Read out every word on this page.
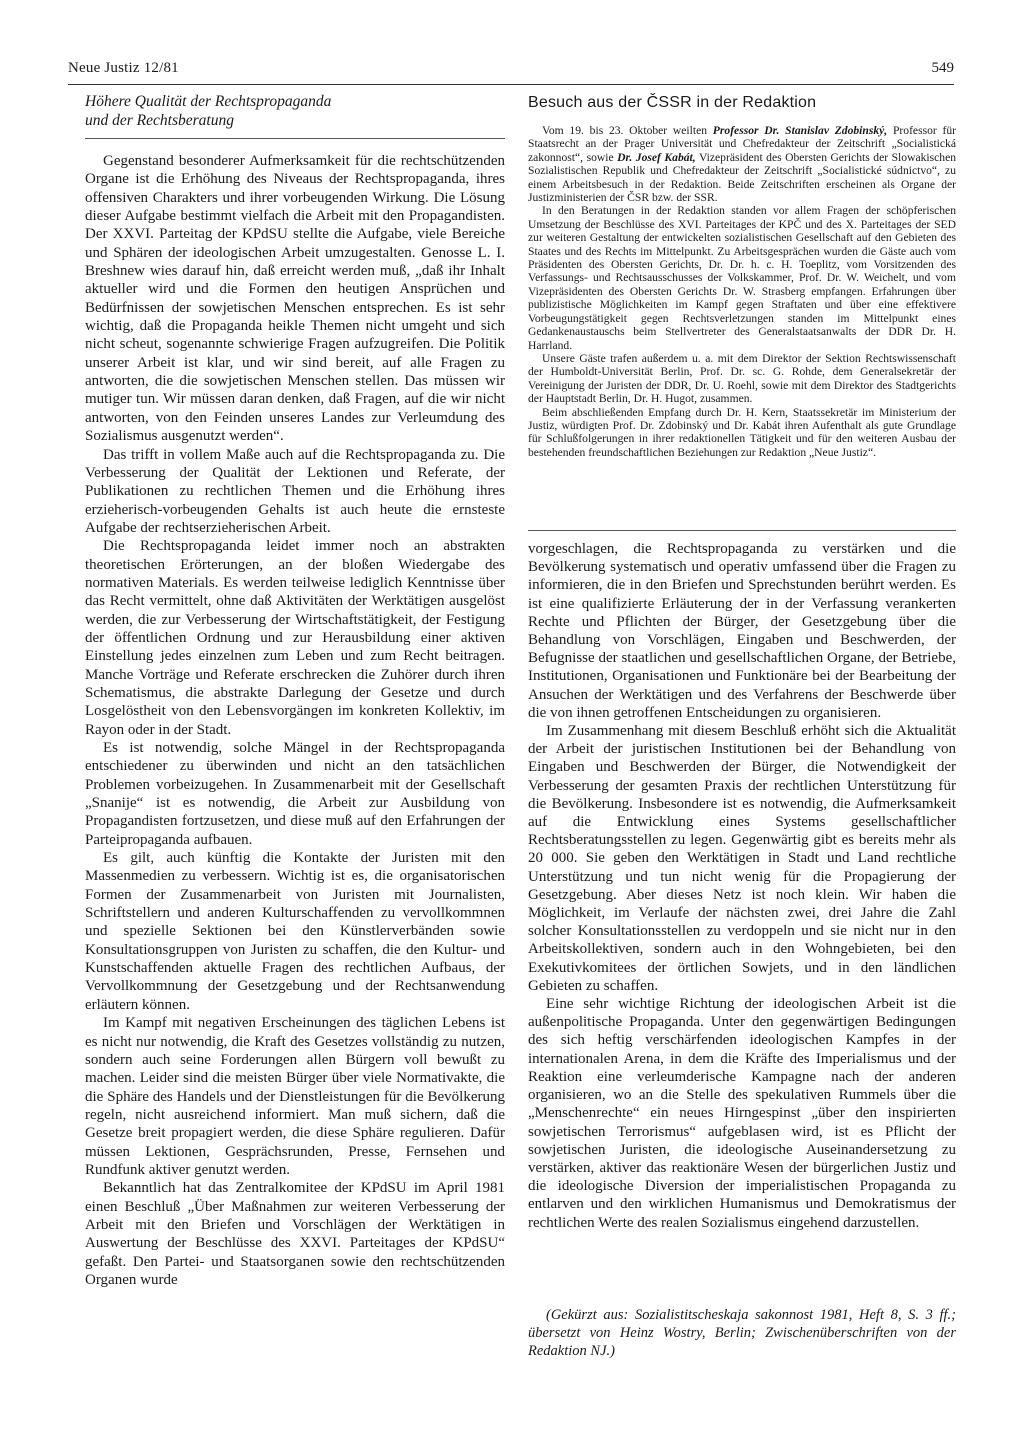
Neue Justiz 12/81	549
Höhere Qualität der Rechtspropaganda
und der Rechtsberatung

Gegenstand besonderer Aufmerksamkeit für die rechtschützenden Organe ist die Erhöhung des Niveaus der Rechtspropaganda, ihres offensiven Charakters und ihrer vorbeugenden Wirkung. Die Lösung dieser Aufgabe bestimmt vielfach die Arbeit mit den Propagandisten. Der XXVI. Parteitag der KPdSU stellte die Aufgabe, viele Bereiche und Sphären der ideologischen Arbeit umzugestalten. Genosse L. I. Breshnew wies darauf hin, daß erreicht werden muß, „daß ihr Inhalt aktueller wird und die Formen den heutigen Ansprüchen und Bedürfnissen der sowjetischen Menschen entsprechen. Es ist sehr wichtig, daß die Propaganda heikle Themen nicht umgeht und sich nicht scheut, sogenannte schwierige Fragen aufzugreifen. Die Politik unserer Arbeit ist klar, und wir sind bereit, auf alle Fragen zu antworten, die die sowjetischen Menschen stellen. Das müssen wir mutiger tun. Wir müssen daran denken, daß Fragen, auf die wir nicht antworten, von den Feinden unseres Landes zur Verleumdung des Sozialismus ausgenutzt werden“.

Das trifft in vollem Maße auch auf die Rechtspropaganda zu. Die Verbesserung der Qualität der Lektionen und Referate, der Publikationen zu rechtlichen Themen und die Erhöhung ihres erzieherisch-vorbeugenden Gehalts ist auch heute die ernsteste Aufgabe der rechtserzieherischen Arbeit.

Die Rechtspropaganda leidet immer noch an abstrakten theoretischen Erörterungen, an der bloßen Wiedergabe des normativen Materials. Es werden teilweise lediglich Kenntnisse über das Recht vermittelt, ohne daß Aktivitäten der Werktätigen ausgelöst werden, die zur Verbesserung der Wirtschaftstätigkeit, der Festigung der öffentlichen Ordnung und zur Herausbildung einer aktiven Einstellung jedes einzelnen zum Leben und zum Recht beitragen. Manche Vorträge und Referate erschrecken die Zuhörer durch ihren Schematismus, die abstrakte Darlegung der Gesetze und durch Losgelöstheit von den Lebensvorgängen im konkreten Kollektiv, im Rayon oder in der Stadt.

Es ist notwendig, solche Mängel in der Rechtspropaganda entschiedener zu überwinden und nicht an den tatsächlichen Problemen vorbeizugehen. In Zusammenarbeit mit der Gesellschaft „Snanije“ ist es notwendig, die Arbeit zur Ausbildung von Propagandisten fortzusetzen, und diese muß auf den Erfahrungen der Parteipropaganda aufbauen.

Es gilt, auch künftig die Kontakte der Juristen mit den Massenmedien zu verbessern. Wichtig ist es, die organisatorischen Formen der Zusammenarbeit von Juristen mit Journalisten, Schriftstellern und anderen Kulturschaffenden zu vervollkommnen und spezielle Sektionen bei den Künstlerverbänden sowie Konsultationsgruppen von Juristen zu schaffen, die den Kultur- und Kunstschaffenden aktuelle Fragen des rechtlichen Aufbaus, der Vervollkommnung der Gesetzgebung und der Rechtsanwendung erläutern können.

Im Kampf mit negativen Erscheinungen des täglichen Lebens ist es nicht nur notwendig, die Kraft des Gesetzes vollständig zu nutzen, sondern auch seine Forderungen allen Bürgern voll bewußt zu machen. Leider sind die meisten Bürger über viele Normativakte, die die Sphäre des Handels und der Dienstleistungen für die Bevölkerung regeln, nicht ausreichend informiert. Man muß sichern, daß die Gesetze breit propagiert werden, die diese Sphäre regulieren. Dafür müssen Lektionen, Gesprächsrunden, Presse, Fernsehen und Rundfunk aktiver genutzt werden.

Bekanntlich hat das Zentralkomitee der KPdSU im April 1981 einen Beschluß „Über Maßnahmen zur weiteren Verbesserung der Arbeit mit den Briefen und Vorschlägen der Werktätigen in Auswertung der Beschlüsse des XXVI. Parteitages der KPdSU“ gefaßt. Den Partei- und Staatsorganen sowie den rechtschützenden Organen wurde

Besuch aus der ČSSR in der Redaktion

Vom 19. bis 23. Oktober weilten Professor Dr. Stanislav Zdobinský, Professor für Staatsrecht an der Prager Universität und Chefredakteur der Zeitschrift „Socialistická zakonnost“, sowie Dr. Josef Kabát, Vizepräsident des Obersten Gerichts der Slowakischen Sozialistischen Republik und Chefredakteur der Zeitschrift „Socialistické súdnictvo“, zu einem Arbeitsbesuch in der Redaktion. Beide Zeitschriften erscheinen als Organe der Justizministerien der ČSR bzw. der SSR.

In den Beratungen in der Redaktion standen vor allem Fragen der schöpferischen Umsetzung der Beschlüsse des XVI. Parteitages der KPČ und des X. Parteitages der SED zur weiteren Gestaltung der entwickelten sozialistischen Gesellschaft auf den Gebieten des Staates und des Rechts im Mittelpunkt. Zu Arbeitsgesprächen wurden die Gäste auch vom Präsidenten des Obersten Gerichts, Dr. Dr. h. c. H. Toeplitz, vom Vorsitzenden des Verfassungs- und Rechtsausschusses der Volkskammer, Prof. Dr. W. Weichelt, und vom Vizepräsidenten des Obersten Gerichts Dr. W. Strasberg empfangen. Erfahrungen über publizistische Möglichkeiten im Kampf gegen Straftaten und über eine effektivere Vorbeugungstätigkeit gegen Rechtsverletzungen standen im Mittelpunkt eines Gedankenaustauschs beim Stellvertreter des Generalstaatsanwalts der DDR Dr. H. Harrland.

Unsere Gäste trafen außerdem u. a. mit dem Direktor der Sektion Rechtswissenschaft der Humboldt-Universität Berlin, Prof. Dr. sc. G. Rohde, dem Generalsekretär der Vereinigung der Juristen der DDR, Dr. U. Roehl, sowie mit dem Direktor des Stadtgerichts der Hauptstadt Berlin, Dr. H. Hugot, zusammen.

Beim abschließenden Empfang durch Dr. H. Kern, Staatssekretär im Ministerium der Justiz, würdigten Prof. Dr. Zdobinský und Dr. Kabát ihren Aufenthalt als gute Grundlage für Schlußfolgerungen in ihrer redaktionellen Tätigkeit und für den weiteren Ausbau der bestehenden freundschaftlichen Beziehungen zur Redaktion „Neue Justiz“.

vorgeschlagen, die Rechtspropaganda zu verstärken und die Bevölkerung systematisch und operativ umfassend über die Fragen zu informieren, die in den Briefen und Sprechstunden berührt werden. Es ist eine qualifizierte Erläuterung der in der Verfassung verankerten Rechte und Pflichten der Bürger, der Gesetzgebung über die Behandlung von Vorschlägen, Eingaben und Beschwerden, der Befugnisse der staatlichen und gesellschaftlichen Organe, der Betriebe, Institutionen, Organisationen und Funktionäre bei der Bearbeitung der Ansuchen der Werktätigen und des Verfahrens der Beschwerde über die von ihnen getroffenen Entscheidungen zu organisieren.

Im Zusammenhang mit diesem Beschluß erhöht sich die Aktualität der Arbeit der juristischen Institutionen bei der Behandlung von Eingaben und Beschwerden der Bürger, die Notwendigkeit der Verbesserung der gesamten Praxis der rechtlichen Unterstützung für die Bevölkerung. Insbesondere ist es notwendig, die Aufmerksamkeit auf die Entwicklung eines Systems gesellschaftlicher Rechtsberatungsstellen zu legen. Gegenwärtig gibt es bereits mehr als 20 000. Sie geben den Werktätigen in Stadt und Land rechtliche Unterstützung und tun nicht wenig für die Propagierung der Gesetzgebung. Aber dieses Netz ist noch klein. Wir haben die Möglichkeit, im Verlaufe der nächsten zwei, drei Jahre die Zahl solcher Konsultationsstellen zu verdoppeln und sie nicht nur in den Arbeitskollektiven, sondern auch in den Wohngebieten, bei den Exekutivkomitees der örtlichen Sowjets, und in den ländlichen Gebieten zu schaffen.

Eine sehr wichtige Richtung der ideologischen Arbeit ist die außenpolitische Propaganda. Unter den gegenwärtigen Bedingungen des sich heftig verschärfenden ideologischen Kampfes in der internationalen Arena, in dem die Kräfte des Imperialismus und der Reaktion eine verleumderische Kampagne nach der anderen organisieren, wo an die Stelle des spekulativen Rummels über die „Menschenrechte“ ein neues Hirngespinst „über den inspirierten sowjetischen Terrorismus“ aufgeblasen wird, ist es Pflicht der sowjetischen Juristen, die ideologische Auseinandersetzung zu verstärken, aktiver das reaktionäre Wesen der bürgerlichen Justiz und die ideologische Diversion der imperialistischen Propaganda zu entlarven und den wirklichen Humanismus und Demokratismus der rechtlichen Werte des realen Sozialismus eingehend darzustellen.

(Gekürzt aus: Sozialistitscheskaja sakonnost 1981, Heft 8, S. 3 ff.; übersetzt von Heinz Wostry, Berlin; Zwischenüberschriften von der Redaktion NJ.)
